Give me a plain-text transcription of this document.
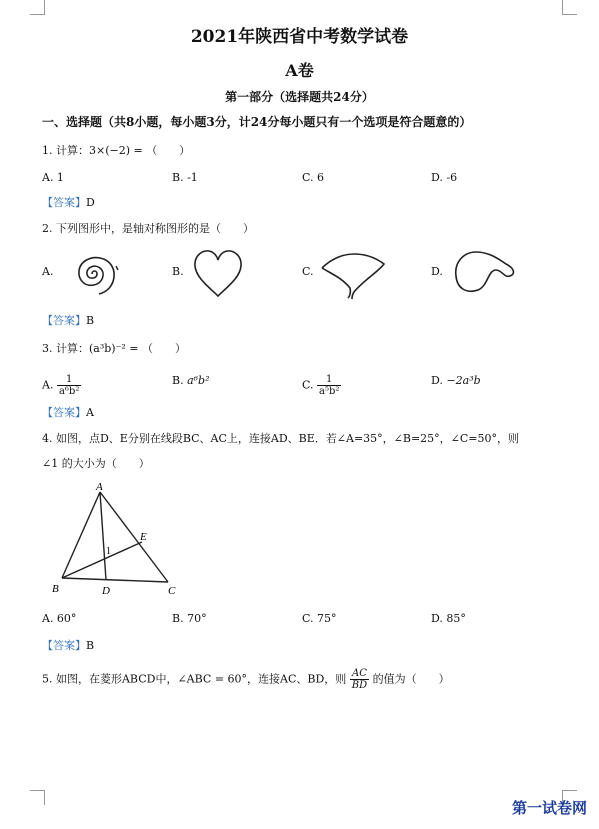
2021年陕西省中考数学试卷
A卷
第一部分（选择题共24分）
一、选择题（共8小题，每小题3分，计24分每小题只有一个选项是符合题意的）
1. 计算：3×(−2) = （　　）
A. 1	B. -1	C. 6	D. -6
【答案】D
2. 下列图形中，是轴对称图形的是（　　）
A.	B.	C.	D.
【答案】B
3. 计算：(a³b)⁻² = （　　）
A. $\frac{1}{\text{a⁶b²}}$	B. a⁶b²	C. $\frac{1}{\text{a⁵b²}}$	D. −2a³b
【答案】A
4. 如图，点D、E分别在线段BC、AC上，连接AD、BE．若∠A=35°，∠B=25°，∠C=50°，则
∠1 的大小为（　　）
A
E
1
B	D	C
A. 60°	B. 70°	C. 75°	D. 85°
【答案】B
5. 如图，在菱形ABCD中，∠ABC = 60°，连接AC、BD，则 $\frac{AC}{BD}$ 的值为（　　）
第一试卷网
